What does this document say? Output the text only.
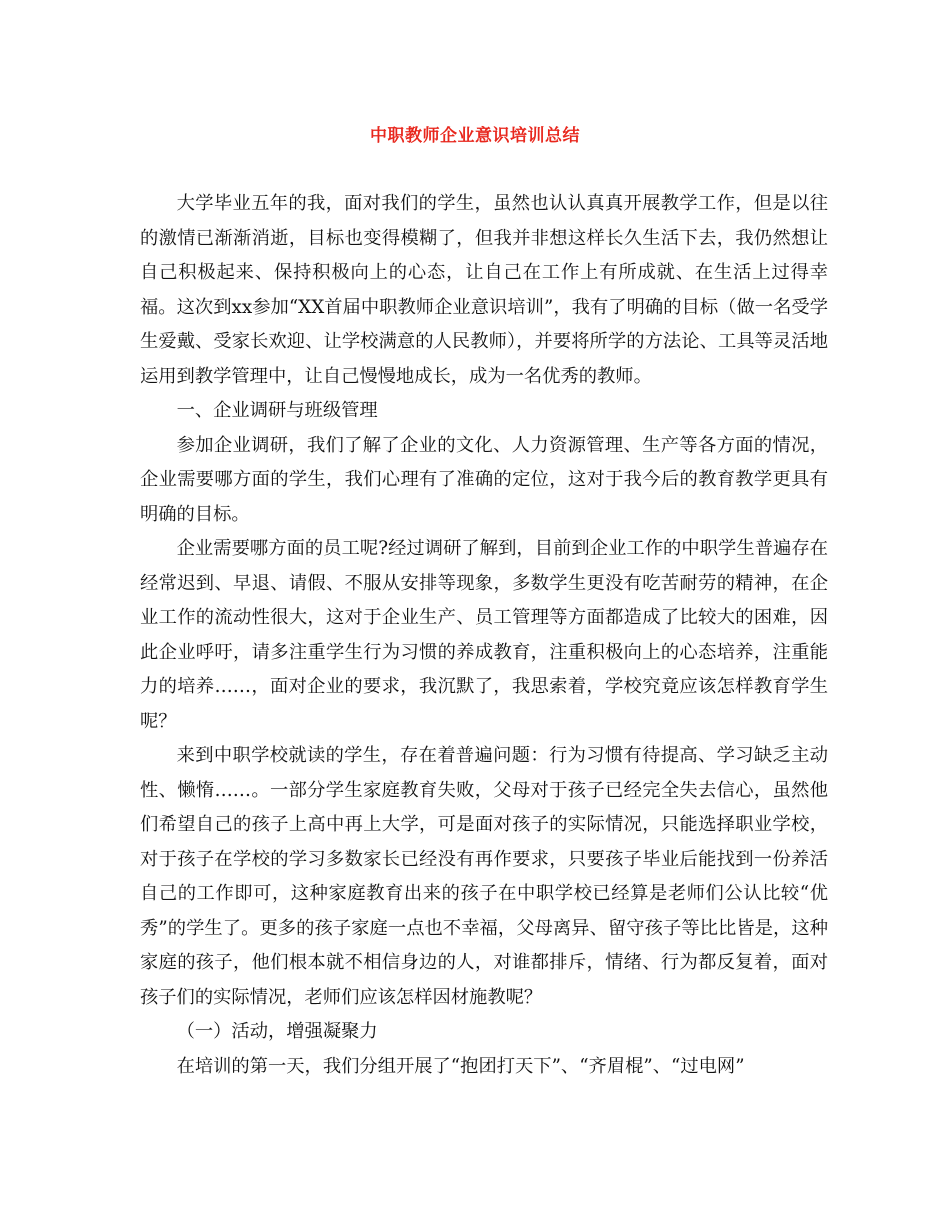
中职教师企业意识培训总结

大学毕业五年的我，面对我们的学生，虽然也认认真真开展教学工作，但是以往的激情已渐渐消逝，目标也变得模糊了，但我并非想这样长久生活下去，我仍然想让自己积极起来、保持积极向上的心态，让自己在工作上有所成就、在生活上过得幸福。这次到xx参加“XX首届中职教师企业意识培训”，我有了明确的目标（做一名受学生爱戴、受家长欢迎、让学校满意的人民教师），并要将所学的方法论、工具等灵活地运用到教学管理中，让自己慢慢地成长，成为一名优秀的教师。

一、企业调研与班级管理

参加企业调研，我们了解了企业的文化、人力资源管理、生产等各方面的情况，企业需要哪方面的学生，我们心理有了准确的定位，这对于我今后的教育教学更具有明确的目标。

企业需要哪方面的员工呢?经过调研了解到，目前到企业工作的中职学生普遍存在经常迟到、早退、请假、不服从安排等现象，多数学生更没有吃苦耐劳的精神，在企业工作的流动性很大，这对于企业生产、员工管理等方面都造成了比较大的困难，因此企业呼吁，请多注重学生行为习惯的养成教育，注重积极向上的心态培养，注重能力的培养……，面对企业的要求，我沉默了，我思索着，学校究竟应该怎样教育学生呢？

来到中职学校就读的学生，存在着普遍问题：行为习惯有待提高、学习缺乏主动性、懒惰……。一部分学生家庭教育失败，父母对于孩子已经完全失去信心，虽然他们希望自己的孩子上高中再上大学，可是面对孩子的实际情况，只能选择职业学校，对于孩子在学校的学习多数家长已经没有再作要求，只要孩子毕业后能找到一份养活自己的工作即可，这种家庭教育出来的孩子在中职学校已经算是老师们公认比较“优秀”的学生了。更多的孩子家庭一点也不幸福，父母离异、留守孩子等比比皆是，这种家庭的孩子，他们根本就不相信身边的人，对谁都排斥，情绪、行为都反复着，面对孩子们的实际情况，老师们应该怎样因材施教呢？

（一）活动，增强凝聚力

在培训的第一天，我们分组开展了“抱团打天下”、“齐眉棍”、“过电网”
